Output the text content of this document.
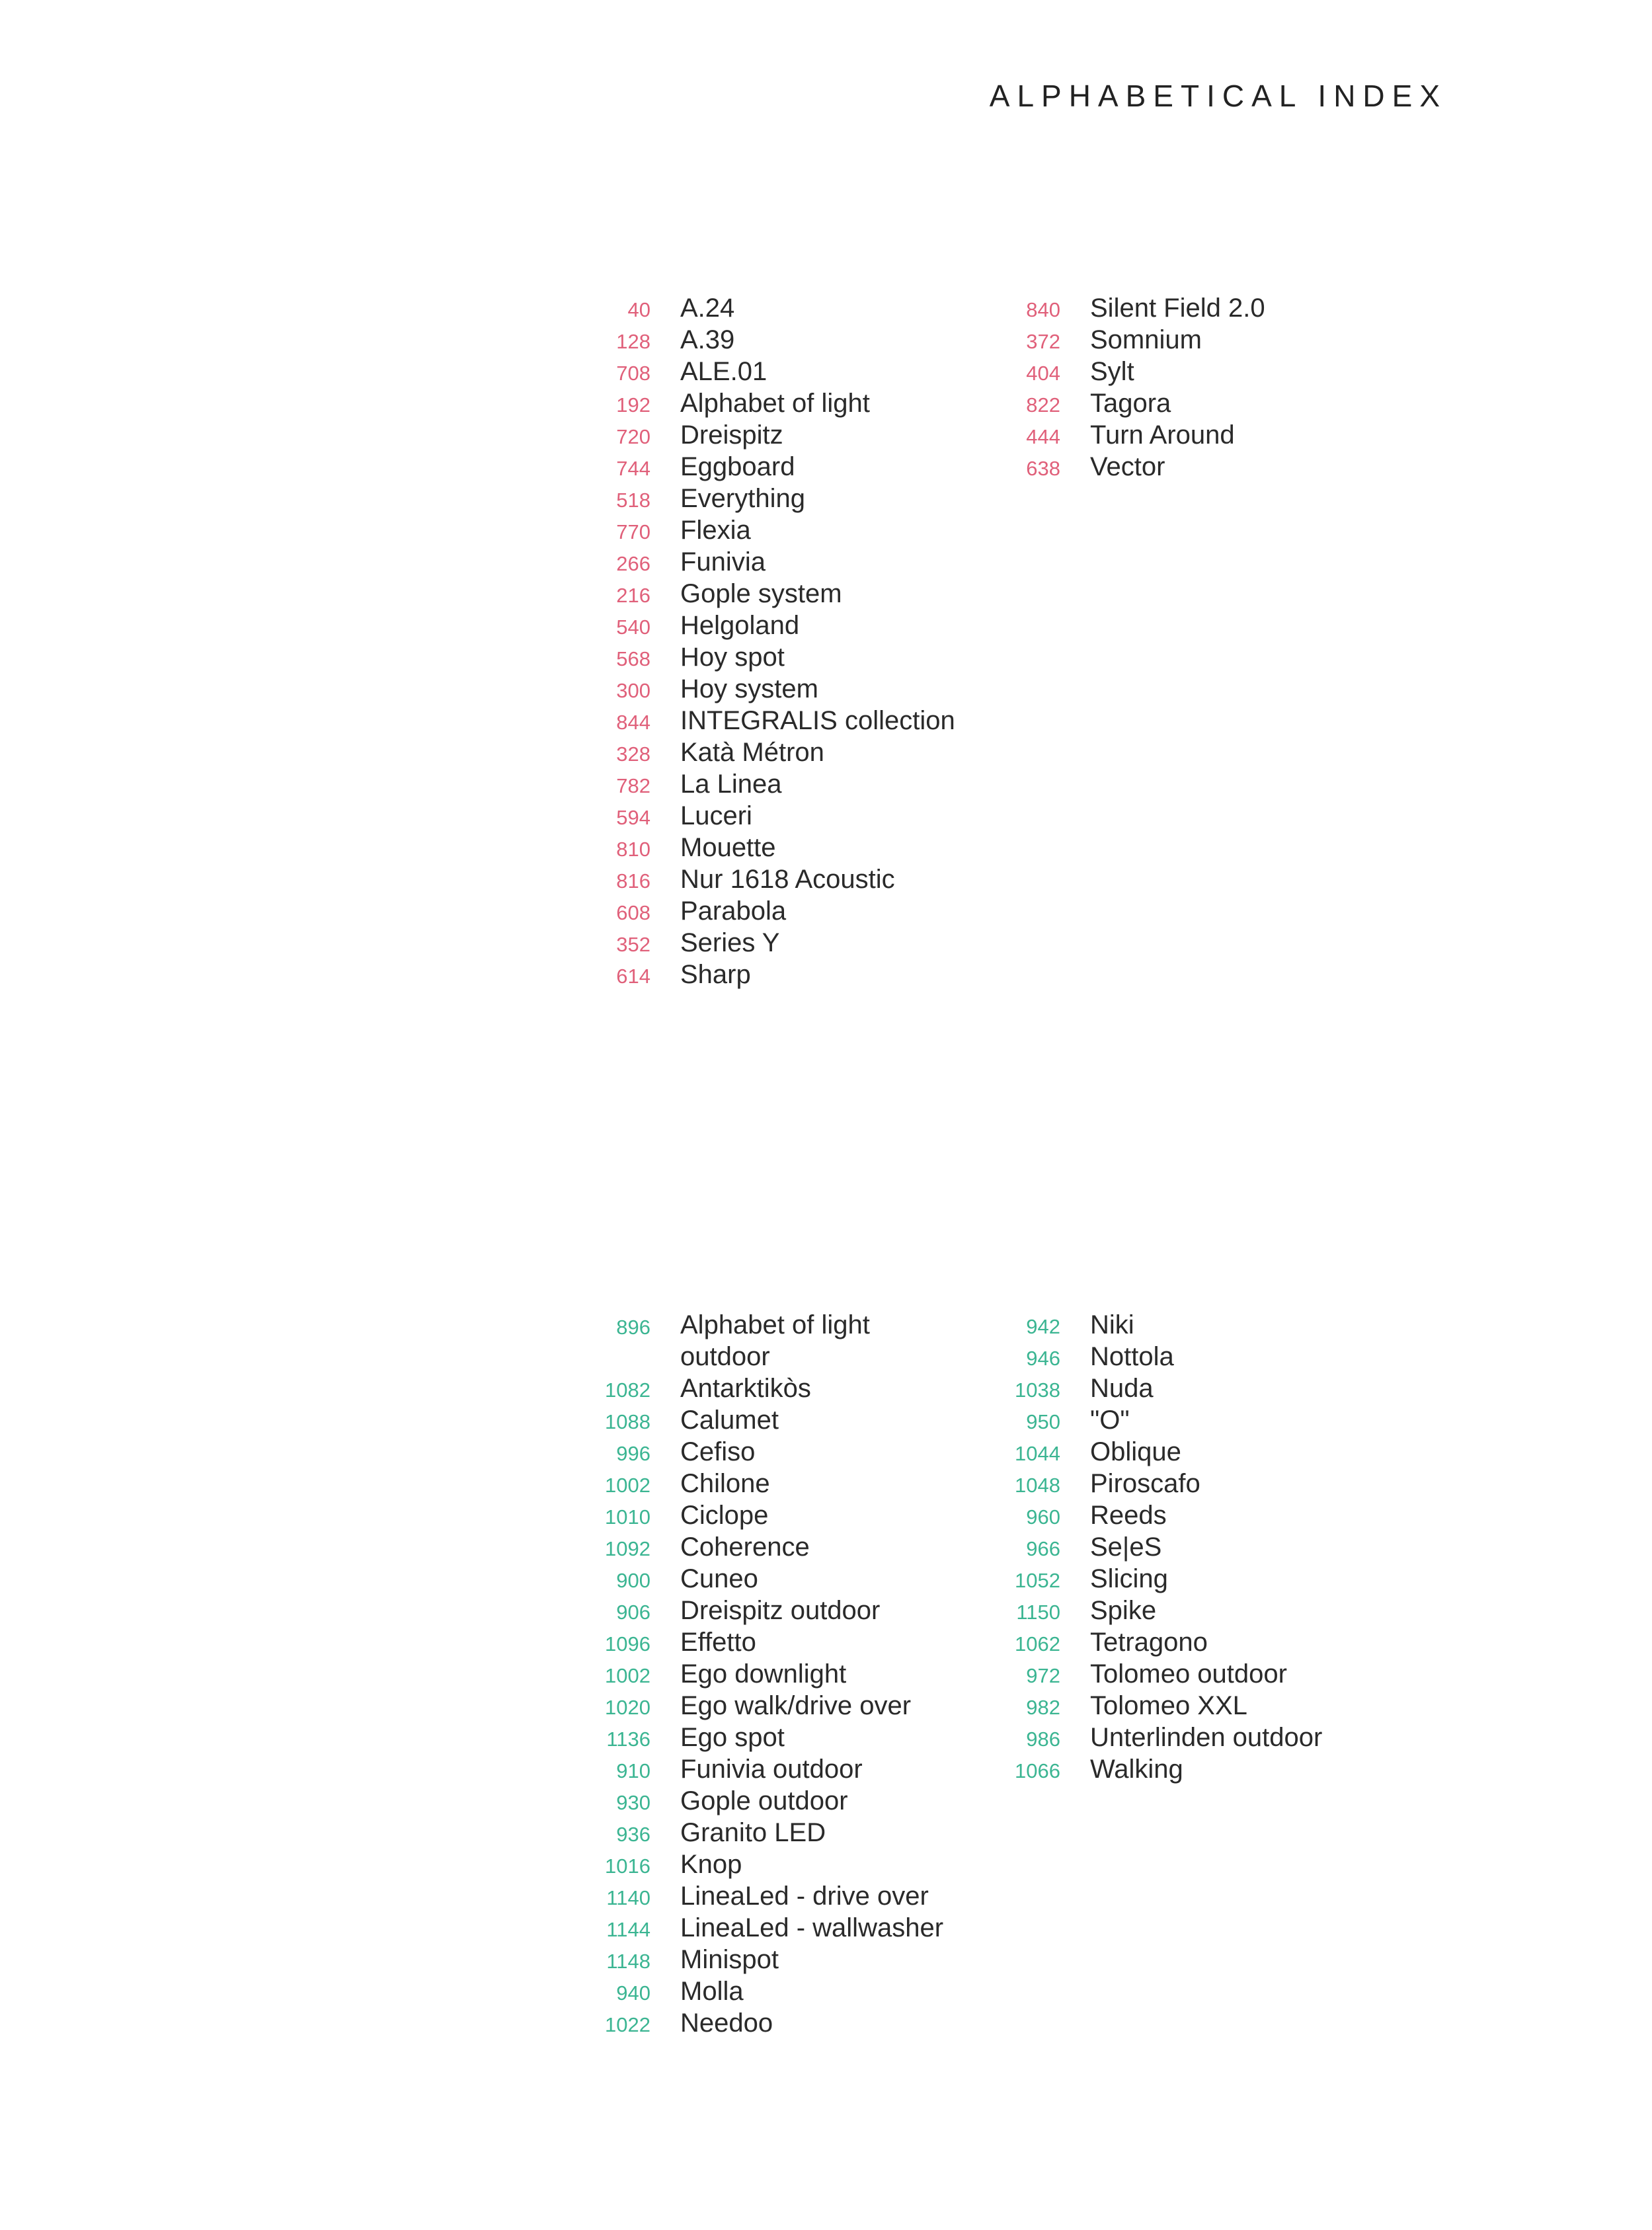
ALPHABETICAL INDEX
40 A.24
128 A.39
708 ALE.01
192 Alphabet of light
720 Dreispitz
744 Eggboard
518 Everything
770 Flexia
266 Funivia
216 Gople system
540 Helgoland
568 Hoy spot
300 Hoy system
844 INTEGRALIS collection
328 Katà Métron
782 La Linea
594 Luceri
810 Mouette
816 Nur 1618 Acoustic
608 Parabola
352 Series Y
614 Sharp
840 Silent Field 2.0
372 Somnium
404 Sylt
822 Tagora
444 Turn Around
638 Vector
896 Alphabet of light outdoor
1082 Antarktikòs
1088 Calumet
996 Cefiso
1002 Chilone
1010 Ciclope
1092 Coherence
900 Cuneo
906 Dreispitz outdoor
1096 Effetto
1002 Ego downlight
1020 Ego walk/drive over
1136 Ego spot
910 Funivia outdoor
930 Gople outdoor
936 Granito LED
1016 Knop
1140 LineaLed - drive over
1144 LineaLed - wallwasher
1148 Minispot
940 Molla
1022 Needoo
942 Niki
946 Nottola
1038 Nuda
950 "O"
1044 Oblique
1048 Piroscafo
960 Reeds
966 Se|eS
1052 Slicing
1150 Spike
1062 Tetragono
972 Tolomeo outdoor
982 Tolomeo XXL
986 Unterlinden outdoor
1066 Walking
